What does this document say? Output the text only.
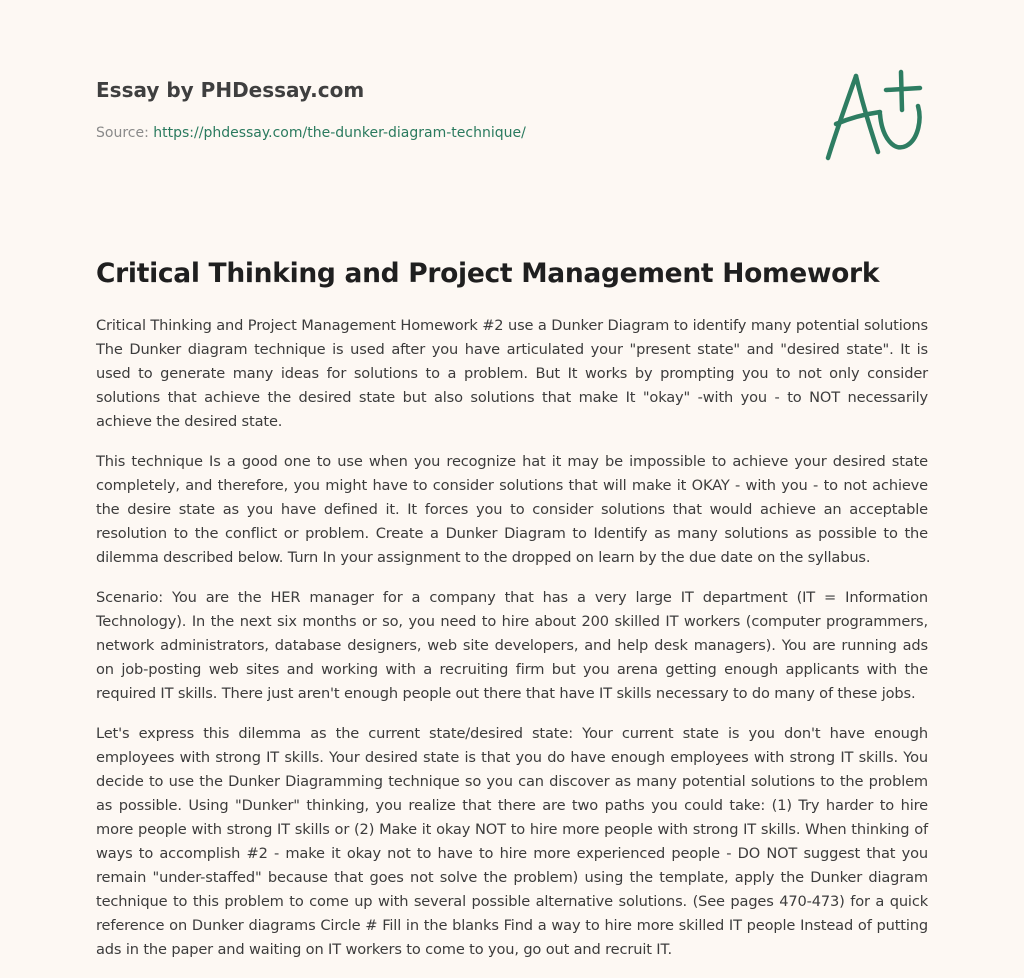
Essay by PHDessay.com
Source: https://phdessay.com/the-dunker-diagram-technique/
Critical Thinking and Project Management Homework

Critical Thinking and Project Management Homework #2 use a Dunker Diagram to identify many potential solutions The Dunker diagram technique is used after you have articulated your "present state" and "desired state". It is used to generate many ideas for solutions to a problem. But It works by prompting you to not only consider solutions that achieve the desired state but also solutions that make It "okay" -with you - to NOT necessarily achieve the desired state.

This technique Is a good one to use when you recognize hat it may be impossible to achieve your desired state completely, and therefore, you might have to consider solutions that will make it OKAY - with you - to not achieve the desire state as you have defined it. It forces you to consider solutions that would achieve an acceptable resolution to the conflict or problem. Create a Dunker Diagram to Identify as many solutions as possible to the dilemma described below. Turn In your assignment to the dropped on learn by the due date on the syllabus.

Scenario: You are the HER manager for a company that has a very large IT department (IT = Information Technology). In the next six months or so, you need to hire about 200 skilled IT workers (computer programmers, network administrators, database designers, web site developers, and help desk managers). You are running ads on job-posting web sites and working with a recruiting firm but you arena getting enough applicants with the required IT skills. There just aren't enough people out there that have IT skills necessary to do many of these jobs.

Let's express this dilemma as the current state/desired state: Your current state is you don't have enough employees with strong IT skills. Your desired state is that you do have enough employees with strong IT skills. You decide to use the Dunker Diagramming technique so you can discover as many potential solutions to the problem as possible. Using "Dunker" thinking, you realize that there are two paths you could take: (1) Try harder to hire more people with strong IT skills or (2) Make it okay NOT to hire more people with strong IT skills. When thinking of ways to accomplish #2 - make it okay not to have to hire more experienced people - DO NOT suggest that you remain "under-staffed" because that goes not solve the problem) using the template, apply the Dunker diagram technique to this problem to come up with several possible alternative solutions. (See pages 470-473) for a quick reference on Dunker diagrams Circle # Fill in the blanks Find a way to hire more skilled IT people Instead of putting ads in the paper and waiting on IT workers to come to you, go out and recruit IT.
